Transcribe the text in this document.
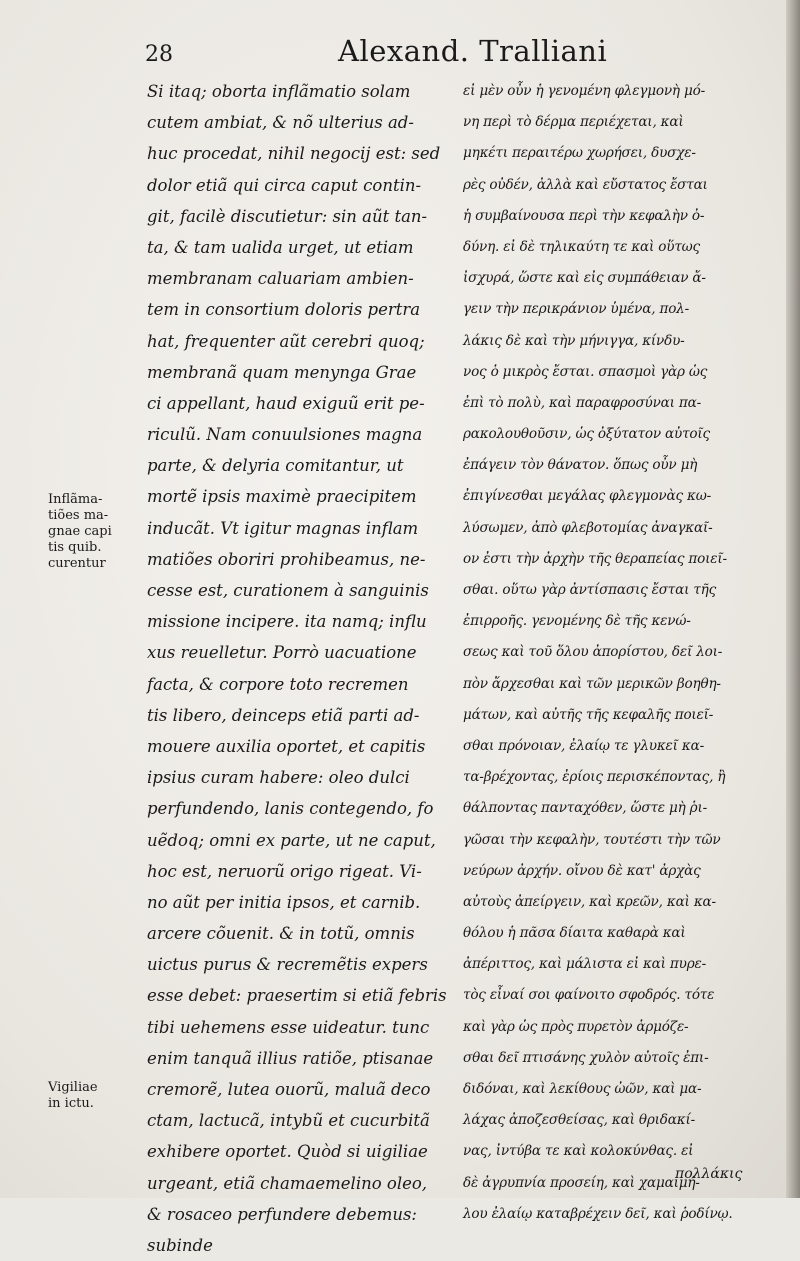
28	Alexand. Tralliani
Si itaq; oborta inflãmatio solam
cutem ambiat, & nõ ulterius ad-
huc procedat, nihil negocij est: sed
dolor etiã qui circa caput contin-
git, facilè discutietur: sin aũt tan-
ta, & tam ualida urget, ut etiam
membranam caluariam ambien-
tem in consortium doloris pertra
hat, frequenter aũt cerebri quoq;
membranã quam menynga Grae
ci appellant, haud exiguũ erit pe-
riculũ. Nam conuulsiones magna
parte, & delyria comitantur, ut
mortẽ ipsis maximè praecipitem
inducãt. Vt igitur magnas inflam
matiões oboriri prohibeamus, ne-
cesse est, curationem à sanguinis
missione incipere. ita namq; influ
xus reuelletur. Porrò uacuatione
facta, & corpore toto recremen
tis libero, deinceps etiã parti ad-
mouere auxilia oportet, et capitis
ipsius curam habere: oleo dulci
perfundendo, lanis contegendo, fo
uẽdoq; omni ex parte, ut ne caput,
hoc est, neruorũ origo rigeat. Vi-
no aũt per initia ipsos, et carnib.
arcere cõuenit. & in totũ, omnis
uictus purus & recremẽtis expers
esse debet: praesertim si etiã febris
tibi uehemens esse uideatur. tunc
enim tanquã illius ratiõe, ptisanae
cremorẽ, lutea ouorũ, maluã deco
ctam, lactucã, intybũ et cucurbitã
exhibere oportet. Quòd si uigiliae
urgeant, etiã chamaemelino oleo,
& rosaceo perfundere debemus:
subinde
εἰ μὲν οὖν ἡ γενομένη φλεγμονὴ μό-
νη περὶ τὸ δέρμα περιέχεται, καὶ
μηκέτι περαιτέρω χωρήσει, δυσχε-
ρὲς οὐδέν, ἀλλὰ καὶ εὔστατος ἔσται
ἡ συμβαίνουσα περὶ τὴν κεφαλὴν ὀ-
δύνη. εἰ δὲ τηλικαύτη τε καὶ οὕτως
ἰσχυρά, ὥστε καὶ εἰς συμπάθειαν ἄ-
γειν τὴν περικράνιον ὑμένα, πολ-
λάκις δὲ καὶ τὴν μήνιγγα, κίνδυ-
νος ὁ μικρὸς ἔσται. σπασμοὶ γὰρ ὡς
ἐπὶ τὸ πολὺ, καὶ παραφροσύναι πα-
ρακολουθοῦσιν, ὡς ὀξύτατον αὐτοῖς
ἐπάγειν τὸν θάνατον. ὅπως οὖν μὴ
ἐπιγίνεσθαι μεγάλας φλεγμονὰς κω-
λύσωμεν, ἀπὸ φλεβοτομίας ἀναγκαῖ-
ον ἐστι τὴν ἀρχὴν τῆς θεραπείας ποιεῖ-
σθαι. οὕτω γὰρ ἀντίσπασις ἔσται τῆς
ἐπιρροῆς. γενομένης δὲ τῆς κενώ-
σεως καὶ τοῦ ὅλου ἀπορίστου, δεῖ λοι-
πὸν ἄρχεσθαι καὶ τῶν μερικῶν βοηθη-
μάτων, καὶ αὐτῆς τῆς κεφαλῆς ποιεῖ-
σθαι πρόνοιαν, ἐλαίῳ τε γλυκεῖ κα-
τα-βρέχοντας, ἐρίοις περισκέποντας, ἢ
θάλποντας πανταχόθεν, ὥστε μὴ ῥι-
γῶσαι τὴν κεφαλὴν, τουτέστι τὴν τῶν
νεύρων ἀρχήν. οἴνου δὲ κατ' ἀρχὰς
αὐτοὺς ἀπείργειν, καὶ κρεῶν, καὶ κα-
θόλου ἡ πᾶσα δίαιτα καθαρὰ καὶ
ἀπέριττος, καὶ μάλιστα εἰ καὶ πυρε-
τὸς εἶναί σοι φαίνοιτο σφοδρός. τότε
καὶ γὰρ ὡς πρὸς πυρετὸν ἁρμόζε-
σθαι δεῖ πτισάνης χυλὸν αὐτοῖς ἐπι-
διδόναι, καὶ λεκίθους ὠῶν, καὶ μα-
λάχας ἀποζεσθείσας, καὶ θριδακί-
νας, ἰντύβα τε καὶ κολοκύνθας. εἰ
δὲ ἀγρυπνία προσείη, καὶ χαμαιμή-
λου ἐλαίῳ καταβρέχειν δεῖ, καὶ ῥοδίνῳ.
Inflãma-
tiões ma-
gnae capi
tis quib.
curentur
Vigiliae
in ictu.
πολλάκις
